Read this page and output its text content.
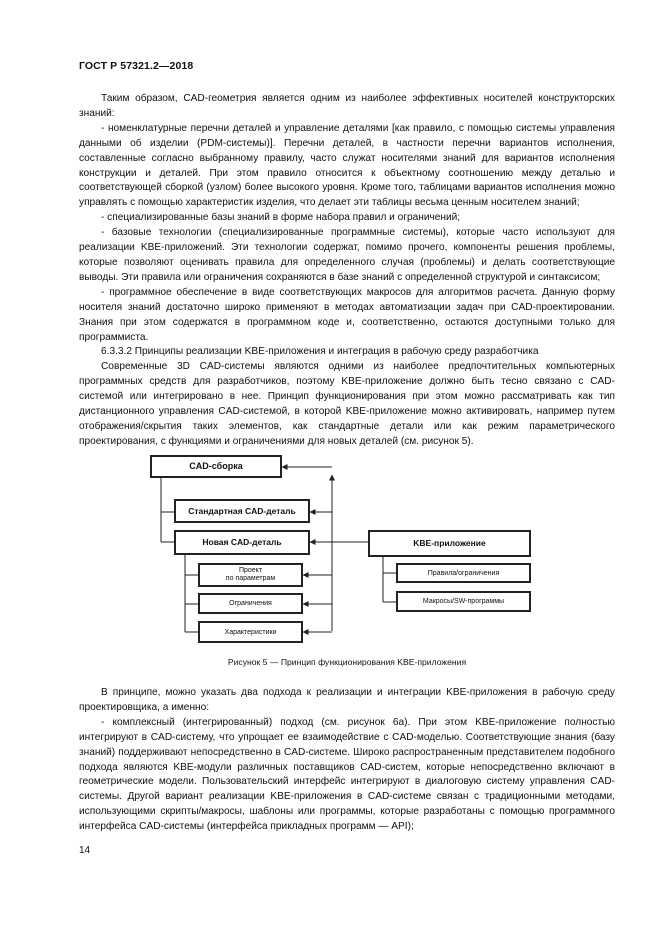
ГОСТ Р 57321.2—2018

Таким образом, CAD-геометрия является одним из наиболее эффективных носителей конструкторских знаний:

- номенклатурные перечни деталей и управление деталями [как правило, с помощью системы управления данными об изделии (PDM-системы)]. Перечни деталей, в частности перечни вариантов исполнения, составленные согласно выбранному правилу, часто служат носителями знаний для вариантов исполнения конструкции и деталей. При этом правило относится к объектному соотношению между деталью и соответствующей сборкой (узлом) более высокого уровня. Кроме того, таблицами вариантов исполнения можно управлять с помощью характеристик изделия, что делает эти таблицы весьма ценным носителем знаний;

- специализированные базы знаний в форме набора правил и ограничений;

- базовые технологии (специализированные программные системы), которые часто используют для реализации KBE-приложений. Эти технологии содержат, помимо прочего, компоненты решения проблемы, которые позволяют оценивать правила для определенного случая (проблемы) и делать соответствующие выводы. Эти правила или ограничения сохраняются в базе знаний с определенной структурой и синтаксисом;

- программное обеспечение в виде соответствующих макросов для алгоритмов расчета. Данную форму носителя знаний достаточно широко применяют в методах автоматизации задач при CAD-проектировании. Знания при этом содержатся в программном коде и, соответственно, остаются доступными только для программиста.

6.3.3.2 Принципы реализации KBE-приложения и интеграция в рабочую среду разработчика

Современные 3D CAD-системы являются одними из наиболее предпочтительных компьютерных программных средств для разработчиков, поэтому KBE-приложение должно быть тесно связано с CAD-системой или интегрировано в нее. Принцип функционирования при этом можно рассматривать как тип дистанционного управления CAD-системой, в которой KBE-приложение можно активировать, например путем отображения/скрытия таких элементов, как стандартные детали или как режим параметрического проектирования, с функциями и ограничениями для новых деталей (см. рисунок 5).

CAD-сборка
Стандартная CAD-деталь
Новая CAD-деталь
Проект
по параметрам
Ограничения
Характеристики
KBE-приложение
Правила/ограничения
Макросы/SW-программы
Рисунок 5 — Принцип функционирования KBE-приложения

В принципе, можно указать два подхода к реализации и интеграции KBE-приложения в рабочую среду проектировщика, а именно:

- комплексный (интегрированный) подход (см. рисунок 6а). При этом KBE-приложение полностью интегрируют в CAD-систему, что упрощает ее взаимодействие с CAD-моделью. Соответствующие знания (базу знаний) поддерживают непосредственно в CAD-системе. Широко распространенным представителем подобного подхода являются KBE-модули различных поставщиков CAD-систем, которые непосредственно включают в геометрические модели. Пользовательский интерфейс интегрируют в диалоговую систему управления CAD-системы. Другой вариант реализации KBE-приложения в CAD-системе связан с традиционными методами, использующими скрипты/макросы, шаблоны или программы, которые разработаны с помощью программного интерфейса CAD-системы (интерфейса прикладных программ — API);

14
